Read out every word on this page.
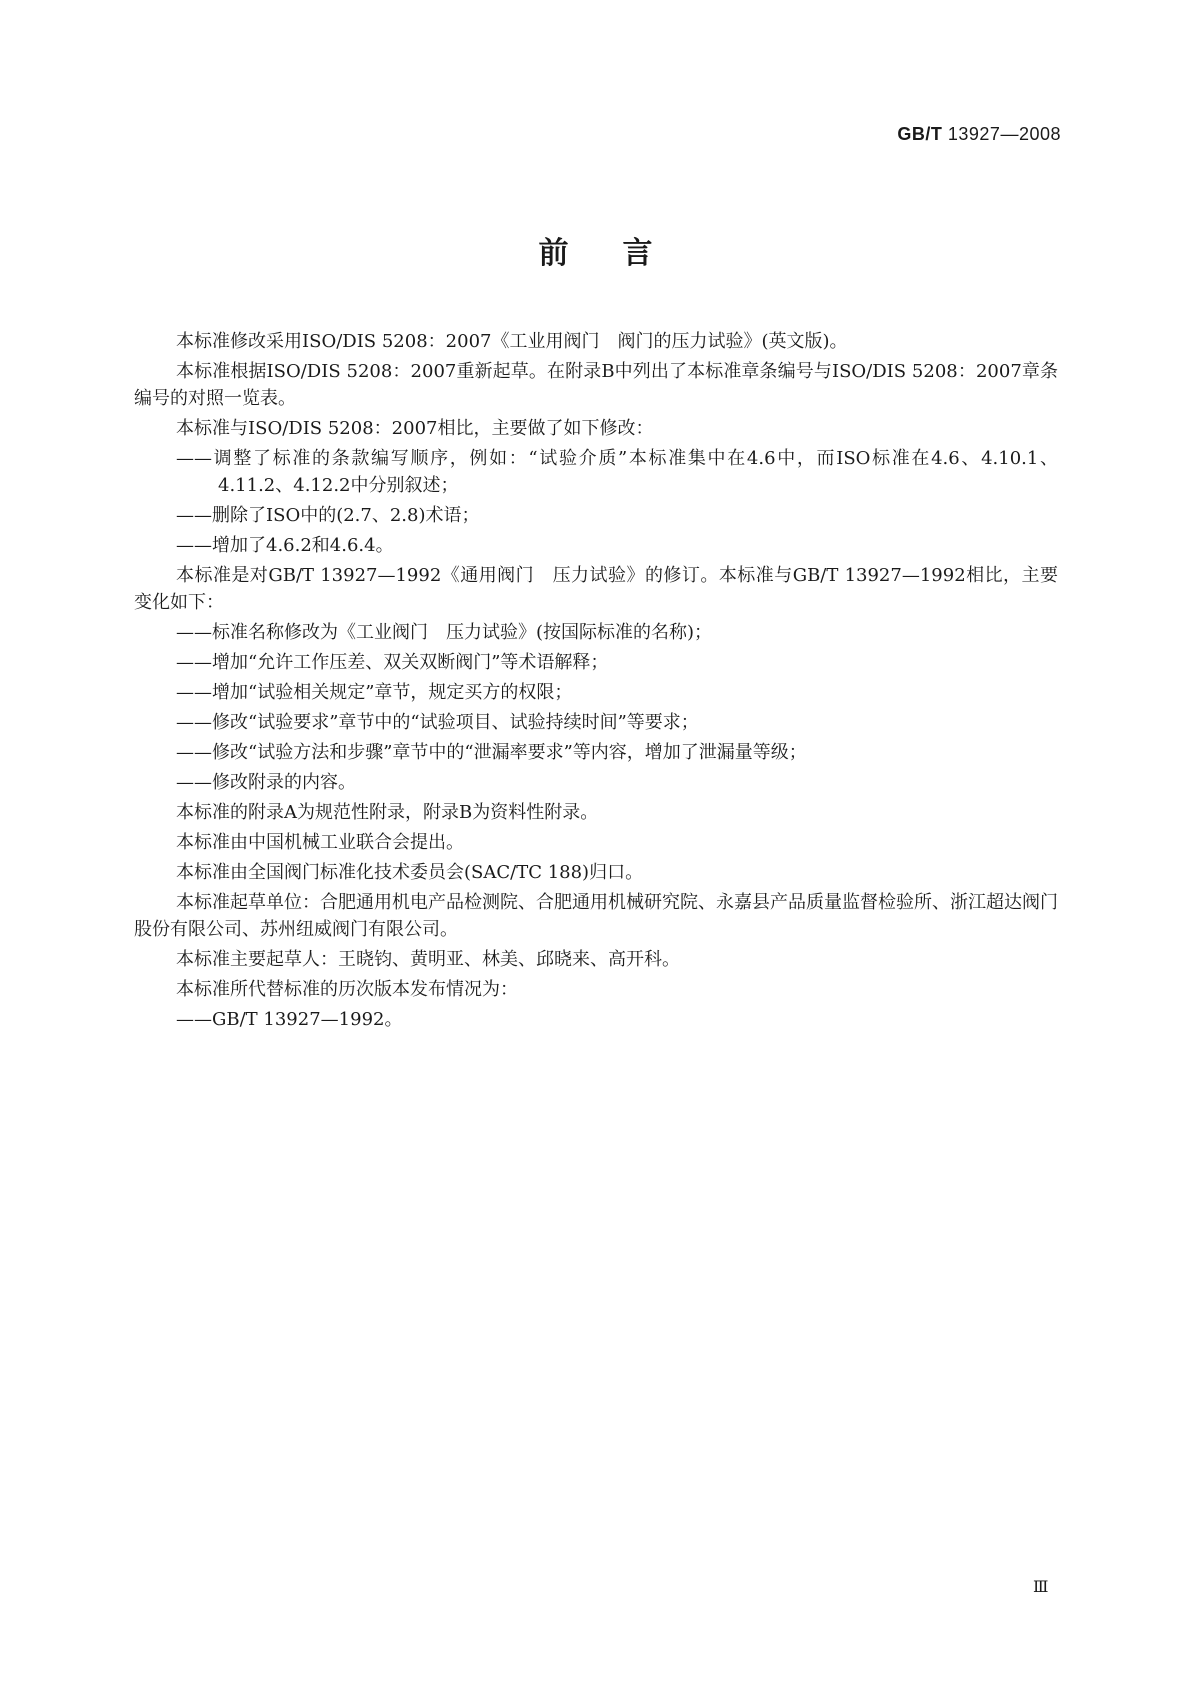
GB/T 13927—2008
前言

本标准修改采用ISO/DIS 5208：2007《工业用阀门　阀门的压力试验》(英文版)。

本标准根据ISO/DIS 5208：2007重新起草。在附录B中列出了本标准章条编号与ISO/DIS 5208：2007章条编号的对照一览表。

本标准与ISO/DIS 5208：2007相比，主要做了如下修改：

——调整了标准的条款编写顺序，例如：“试验介质”本标准集中在4.6中，而ISO标准在4.6、4.10.1、4.11.2、4.12.2中分别叙述；

——删除了ISO中的(2.7、2.8)术语；

——增加了4.6.2和4.6.4。

本标准是对GB/T 13927—1992《通用阀门　压力试验》的修订。本标准与GB/T 13927—1992相比，主要变化如下：

——标准名称修改为《工业阀门　压力试验》(按国际标准的名称)；

——增加“允许工作压差、双关双断阀门”等术语解释；

——增加“试验相关规定”章节，规定买方的权限；

——修改“试验要求”章节中的“试验项目、试验持续时间”等要求；

——修改“试验方法和步骤”章节中的“泄漏率要求”等内容，增加了泄漏量等级；

——修改附录的内容。

本标准的附录A为规范性附录，附录B为资料性附录。

本标准由中国机械工业联合会提出。

本标准由全国阀门标准化技术委员会(SAC/TC 188)归口。

本标准起草单位：合肥通用机电产品检测院、合肥通用机械研究院、永嘉县产品质量监督检验所、浙江超达阀门股份有限公司、苏州纽威阀门有限公司。

本标准主要起草人：王晓钧、黄明亚、林美、邱晓来、高开科。

本标准所代替标准的历次版本发布情况为：

——GB/T 13927—1992。

Ⅲ
